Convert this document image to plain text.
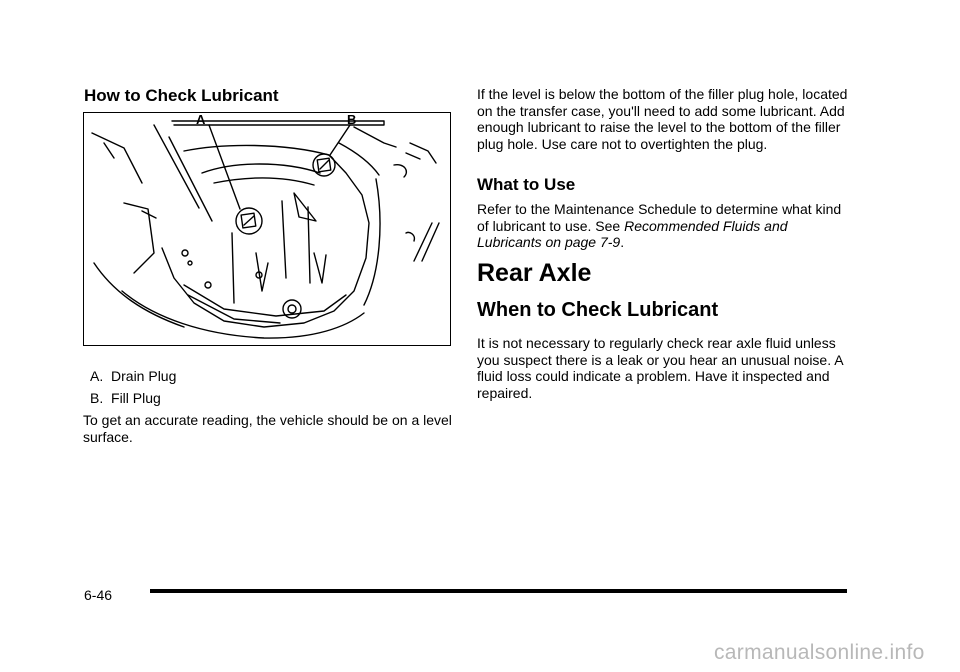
How to Check Lubricant
A	B
A. Drain Plug
B. Fill Plug

To get an accurate reading, the vehicle should be on a level surface.

If the level is below the bottom of the filler plug hole, located on the transfer case, you'll need to add some lubricant. Add enough lubricant to raise the level to the bottom of the filler plug hole. Use care not to overtighten the plug.

What to Use

Refer to the Maintenance Schedule to determine what kind of lubricant to use. See Recommended Fluids and Lubricants on page 7-9.

Rear Axle
When to Check Lubricant

It is not necessary to regularly check rear axle fluid unless you suspect there is a leak or you hear an unusual noise. A fluid loss could indicate a problem. Have it inspected and repaired.

6-46
carmanualsonline.info
